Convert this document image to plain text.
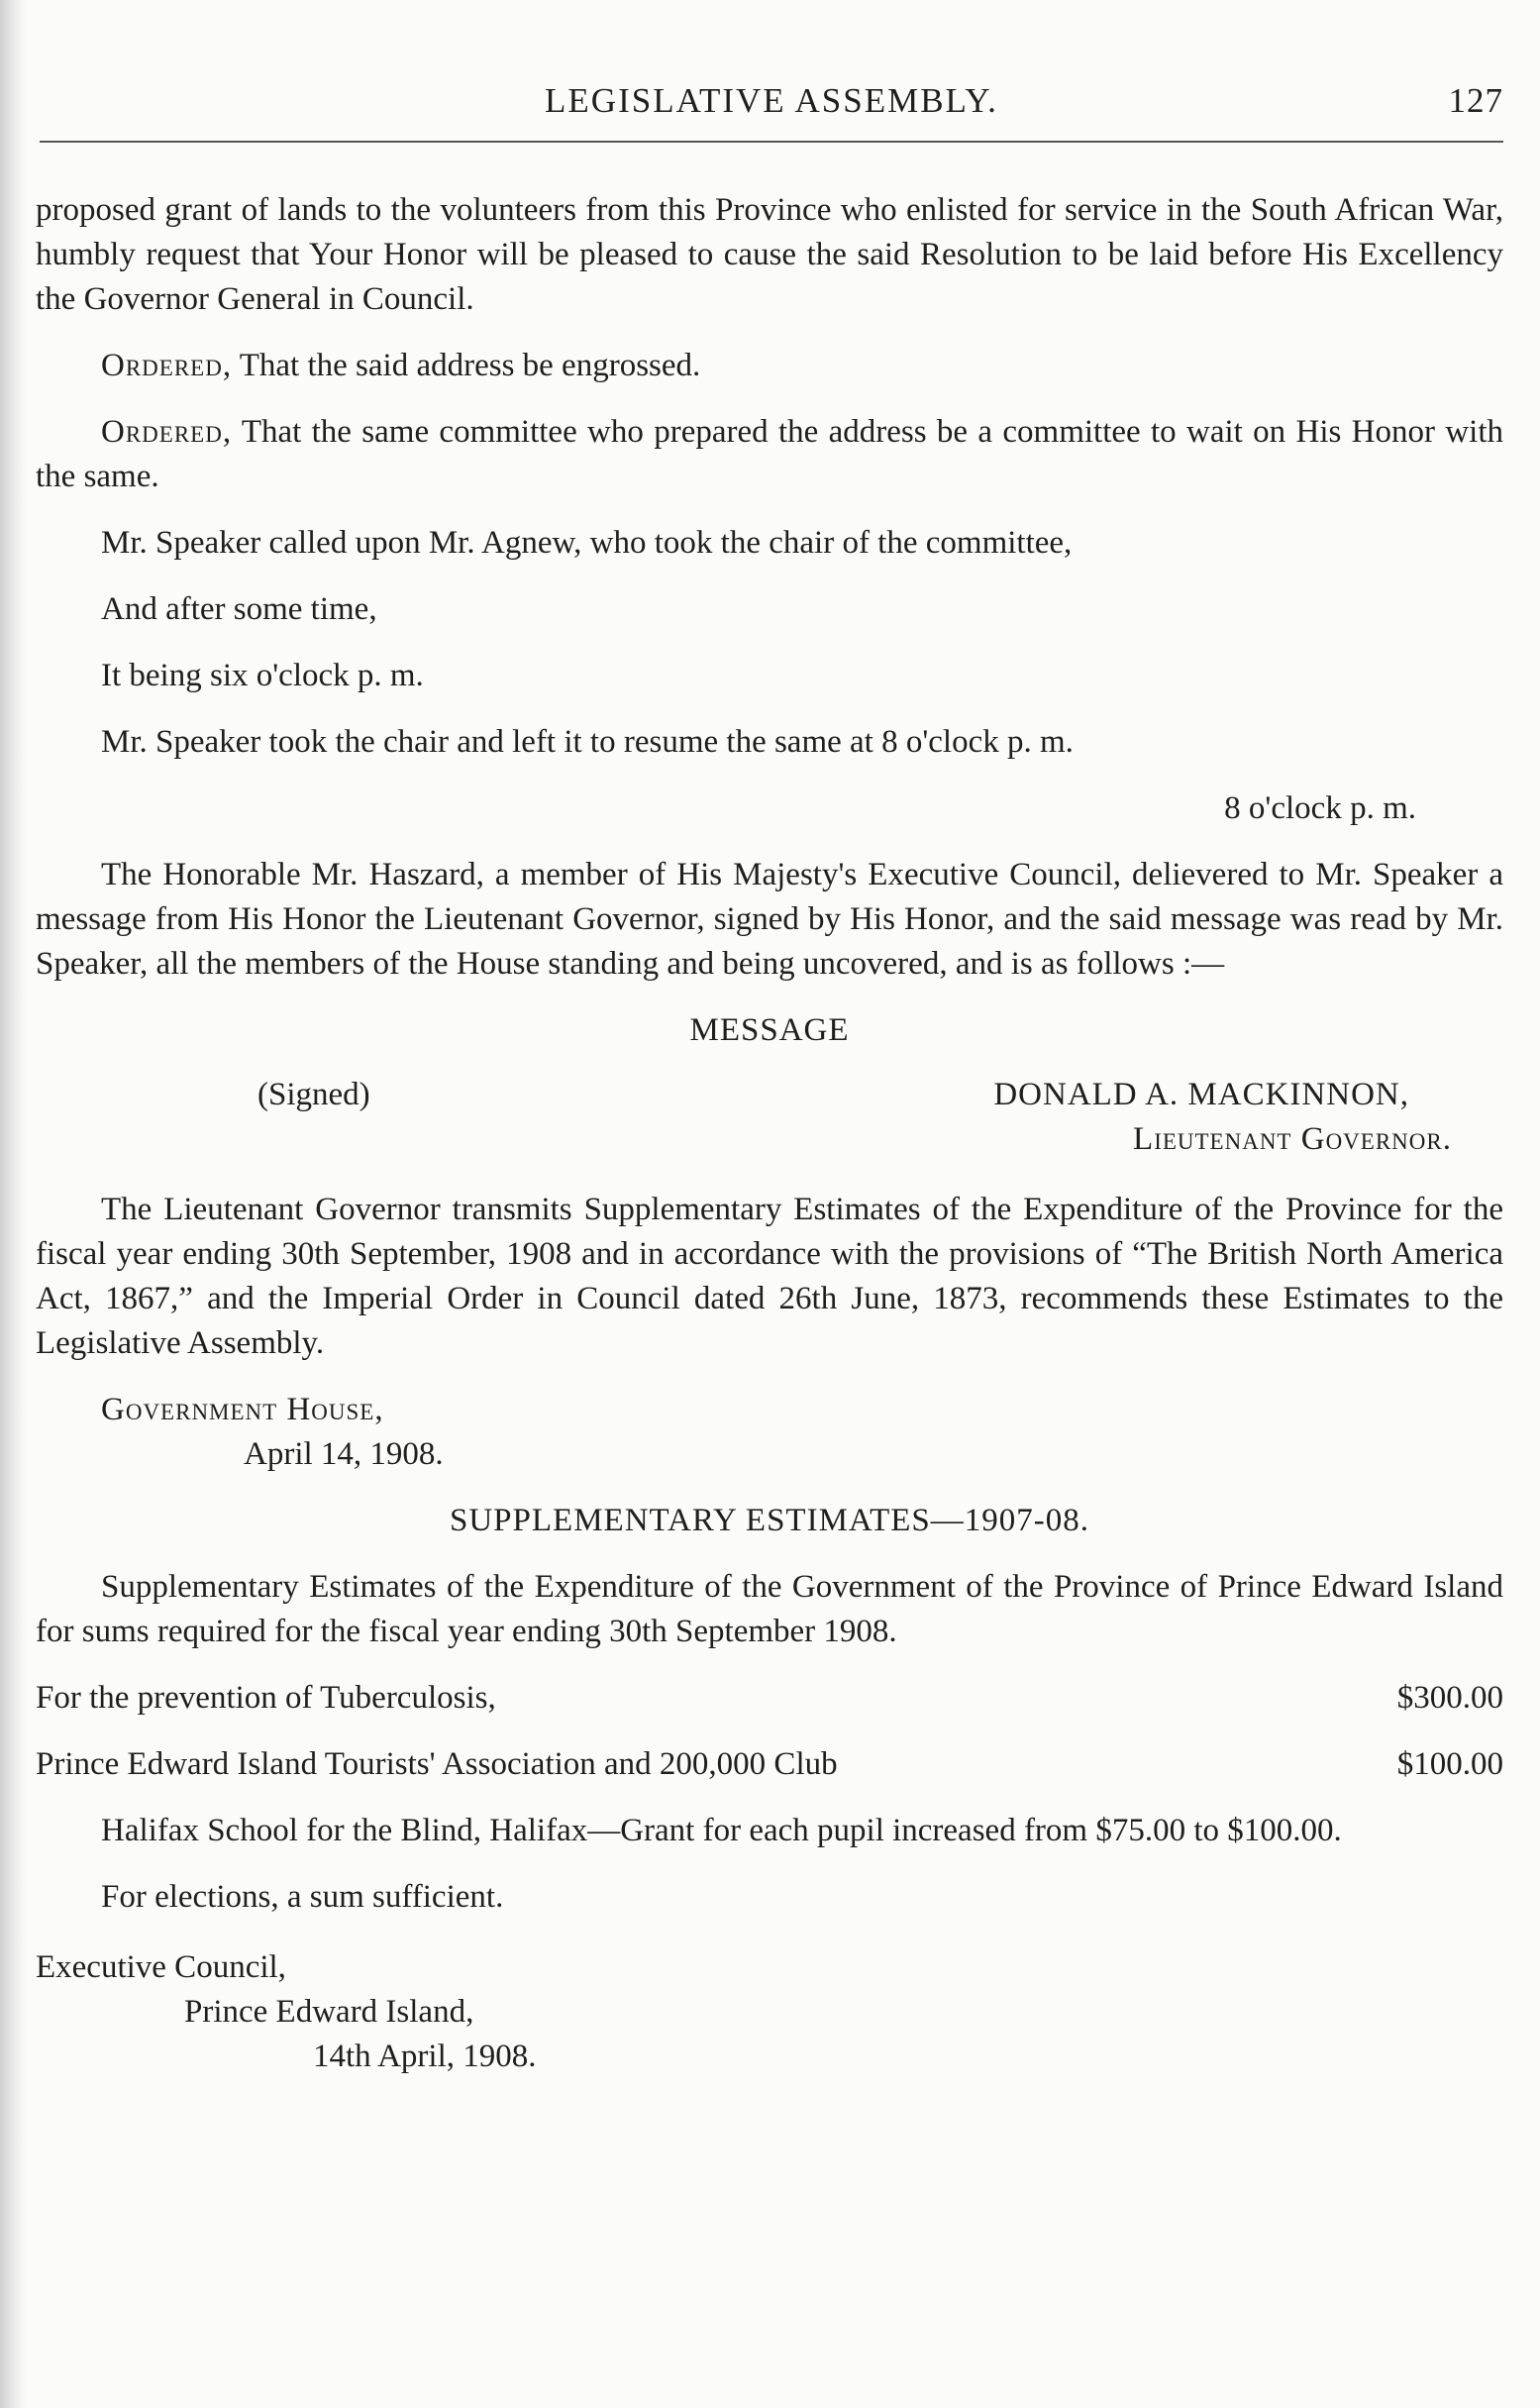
LEGISLATIVE ASSEMBLY.	127

proposed grant of lands to the volunteers from this Province who enlisted for service in the South African War, humbly request that Your Honor will be pleased to cause the said Resolution to be laid before His Excellency the Governor General in Council.

Ordered, That the said address be engrossed.

Ordered, That the same committee who prepared the address be a committee to wait on His Honor with the same.

Mr. Speaker called upon Mr. Agnew, who took the chair of the committee,

And after some time,

It being six o'clock p. m.

Mr. Speaker took the chair and left it to resume the same at 8 o'clock p. m.

8 o'clock p. m.

The Honorable Mr. Haszard, a member of His Majesty's Executive Council, delievered to Mr. Speaker a message from His Honor the Lieutenant Governor, signed by His Honor, and the said message was read by Mr. Speaker, all the members of the House standing and being uncovered, and is as follows :—

MESSAGE

(Signed)	DONALD A. MACKINNON,

Lieutenant Governor.

The Lieutenant Governor transmits Supplementary Estimates of the Expenditure of the Province for the fiscal year ending 30th September, 1908 and in accordance with the provisions of “The British North America Act, 1867,” and the Imperial Order in Council dated 26th June, 1873, recommends these Estimates to the Legislative Assembly.

Government House,

April 14, 1908.

SUPPLEMENTARY ESTIMATES—1907-08.

Supplementary Estimates of the Expenditure of the Government of the Province of Prince Edward Island for sums required for the fiscal year ending 30th September 1908.

For the prevention of Tuberculosis,	$300.00
Prince Edward Island Tourists' Association and 200,000 Club	$100.00

Halifax School for the Blind, Halifax—Grant for each pupil increased from $75.00 to $100.00.

For elections, a sum sufficient.

Executive Council,

Prince Edward Island,

14th April, 1908.
